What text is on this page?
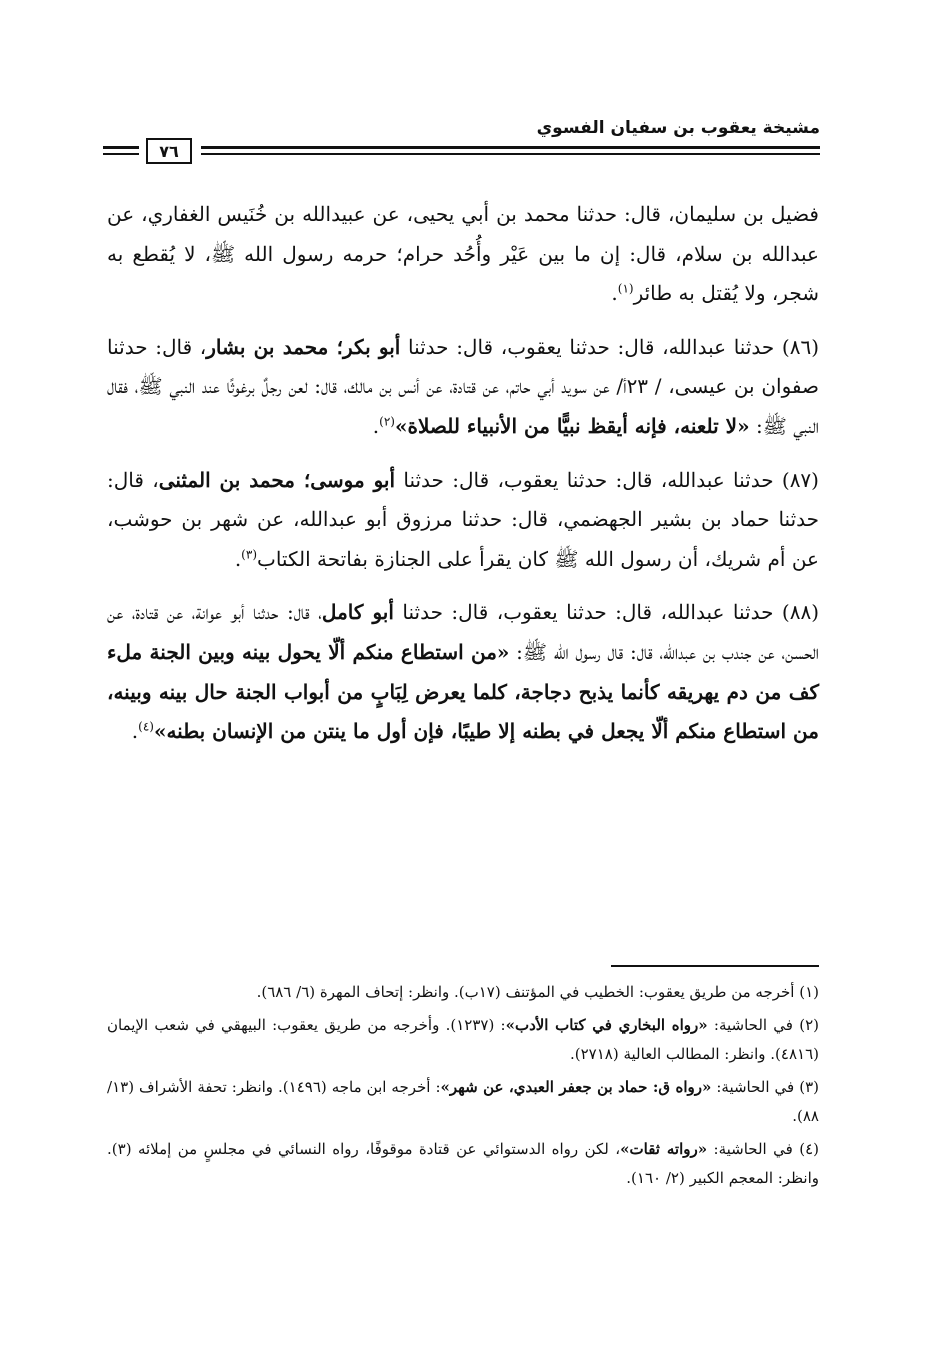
مشيخة يعقوب بن سفيان الفسوي
٧٦

فضيل بن سليمان، قال: حدثنا محمد بن أبي يحيى، عن عبيدالله بن خُنَيس الغفاري، عن عبدالله بن سلام، قال: إن ما بين عَيْر وأُحُد حرام؛ حرمه رسول الله ﷺ، لا يُقطع به شجر، ولا يُقتل به طائر$^{(١)}$.

(٨٦) حدثنا عبدالله، قال: حدثنا يعقوب، قال: حدثنا أبو بكر؛ محمد بن بشار، قال: حدثنا صفوان بن عيسى، / ٢٣أ/ عن سويد أبي حاتم، عن قتادة، عن أنس بن مالك، قال: لعن رجلٌ برغوثًا عند النبي ﷺ، فقال النبي ﷺ: «لا تلعنه، فإنه أيقظ نبيًّا من الأنبياء للصلاة»$^{(٢)}$.

(٨٧) حدثنا عبدالله، قال: حدثنا يعقوب، قال: حدثنا أبو موسى؛ محمد بن المثنى، قال: حدثنا حماد بن بشير الجهضمي، قال: حدثنا مرزوق أبو عبدالله، عن شهر بن حوشب، عن أم شريك، أن رسول الله ﷺ كان يقرأ على الجنازة بفاتحة الكتاب$^{(٣)}$.

(٨٨) حدثنا عبدالله، قال: حدثنا يعقوب، قال: حدثنا أبو كامل، قال: حدثنا أبو عوانة، عن قتادة، عن الحسن، عن جندب بن عبدالله، قال: قال رسول الله ﷺ: «من استطاع منكم ألّا يحول بينه وبين الجنة ملء كف من دم يهريقه كأنما يذبح دجاجة، كلما يعرض لِبَابٍ من أبواب الجنة حال بينه وبينه، من استطاع منكم ألّا يجعل في بطنه إلا طيبًا، فإن أول ما ينتن من الإنسان بطنه»$^{(٤)}$.

(١) أخرجه من طريق يعقوب: الخطيب في المؤتنف (١٧ب). وانظر: إتحاف المهرة (٦/ ٦٨٦).

(٢) في الحاشية: «رواه البخاري في كتاب الأدب»: (١٢٣٧). وأخرجه من طريق يعقوب: البيهقي في شعب الإيمان (٤٨١٦). وانظر: المطالب العالية (٢٧١٨).

(٣) في الحاشية: «رواه ق: حماد بن جعفر العبدي، عن شهر»: أخرجه ابن ماجه (١٤٩٦). وانظر: تحفة الأشراف (١٣/ ٨٨).

(٤) في الحاشية: «رواته ثقات»، لكن رواه الدستوائي عن قتادة موقوفًا، رواه النسائي في مجلسٍ من إملائه (٣). وانظر: المعجم الكبير (٢/ ١٦٠).
